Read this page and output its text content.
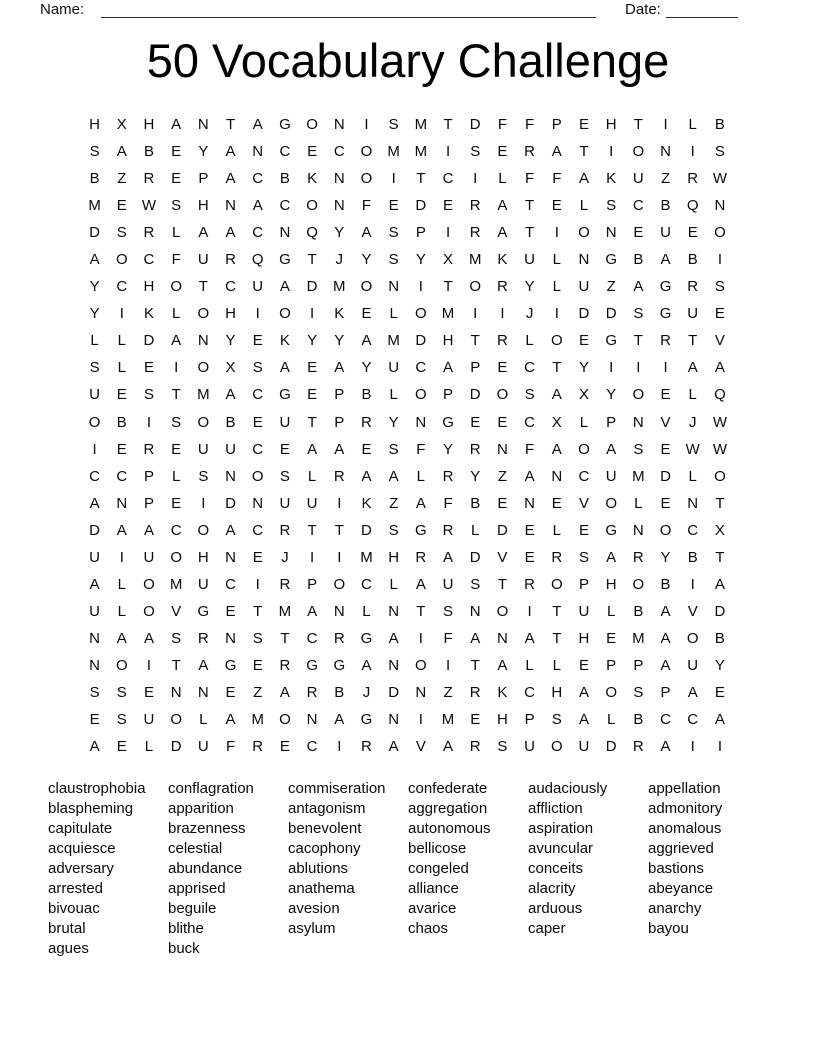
Name:	Date:
50 Vocabulary Challenge
H	X	H	A	N	T	A	G	O	N	I	S	M	T	D	F	F	P	E	H	T	I	L	B
S	A	B	E	Y	A	N	C	E	C	O	M M	I	S	E	R	A	T	I	O	N	I	S
B	Z	R	E	P	A	C	B	K	N	O	I	T	C	I	L	F	F	A	K	U	Z	R W
M	E	W	S	H	N	A	C	O	N	F	E	D	E	R	A	T	E	L	S	C	B	Q	N
D	S	R	L	A	A	C	N	Q	Y	A	S	P	I	R	A	T	I	O	N	E	U	E	O
A	O	C	F	U	R	Q	G	T	J	Y	S	Y	X	M	K	U	L	N	G	B	A	B	I
Y	C	H	O	T	C	U	A	D	M	O	N	I	T	O	R	Y	L	U	Z	A	G	R	S
Y	I	K	L	O	H	I	O	I	K	E	L	O	M	I	I	J	I	D	D	S	G	U	E
L	L	D	A	N	Y	E	K	Y	Y	A	M	D	H	T	R	L	O	E	G	T	R	T	V
S	L	E	I	O	X	S	A	E	A	Y	U	C	A	P	E	C	T	Y	I	I	I	A	A
U	E	S	T	M	A	C	G	E	P	B	L	O	P	D	O	S	A	X	Y	O	E	L	Q
O	B	I	S	O	B	E	U	T	P	R	Y	N	G	E	E	C	X	L	P	N	V	J	W
I	E	R	E	U	U	C	E	A	A	E	S	F	Y	R	N	F	A	O	A	S	E	W W
C	C	P	L	S	N	O	S	L	R	A	A	L	R	Y	Z	A	N	C	U	M	D	L	O
A	N	P	E	I	D	N	U	U	I	K	Z	A	F	B	E	N	E	V	O	L	E	N	T
D	A	A	C	O	A	C	R	T	T	D	S	G	R	L	D	E	L	E	G	N	O	C	X
U	I	U	O	H	N	E	J	I	I	M	H	R	A	D	V	E	R	S	A	R	Y	B	T
A	L	O	M	U	C	I	R	P	O	C	L	A	U	S	T	R	O	P	H	O	B	I	A
U	L	O	V	G	E	T	M	A	N	L	N	T	S	N	O	I	T	U	L	B	A	V	D
N	A	A	S	R	N	S	T	C	R	G	A	I	F	A	N	A	T	H	E	M	A	O	B
N	O	I	T	A	G	E	R	G	G	A	N	O	I	T	A	L	L	E	P	P	A	U	Y
S	S	E	N	N	E	Z	A	R	B	J	D	N	Z	R	K	C	H	A	O	S	P	A	E
E	S	U	O	L	A	M	O	N	A	G	N	I	M	E	H	P	S	A	L	B	C	C	A
A	E	L	D	U	F	R	E	C	I	R	A	V	A	R	S	U	O	U	D	R	A	I	I
claustrophobia
blaspheming
capitulate
acquiesce
adversary
arrested
bivouac
brutal
agues
conflagration
apparition
brazenness
celestial
abundance
apprised
beguile
blithe
buck
commiseration
antagonism
benevolent
cacophony
ablutions
anathema
avesion
asylum
confederate
aggregation
autonomous
bellicose
congeled
alliance
avarice
chaos
audaciously
affliction
aspiration
avuncular
conceits
alacrity
arduous
caper
appellation
admonitory
anomalous
aggrieved
bastions
abeyance
anarchy
bayou
